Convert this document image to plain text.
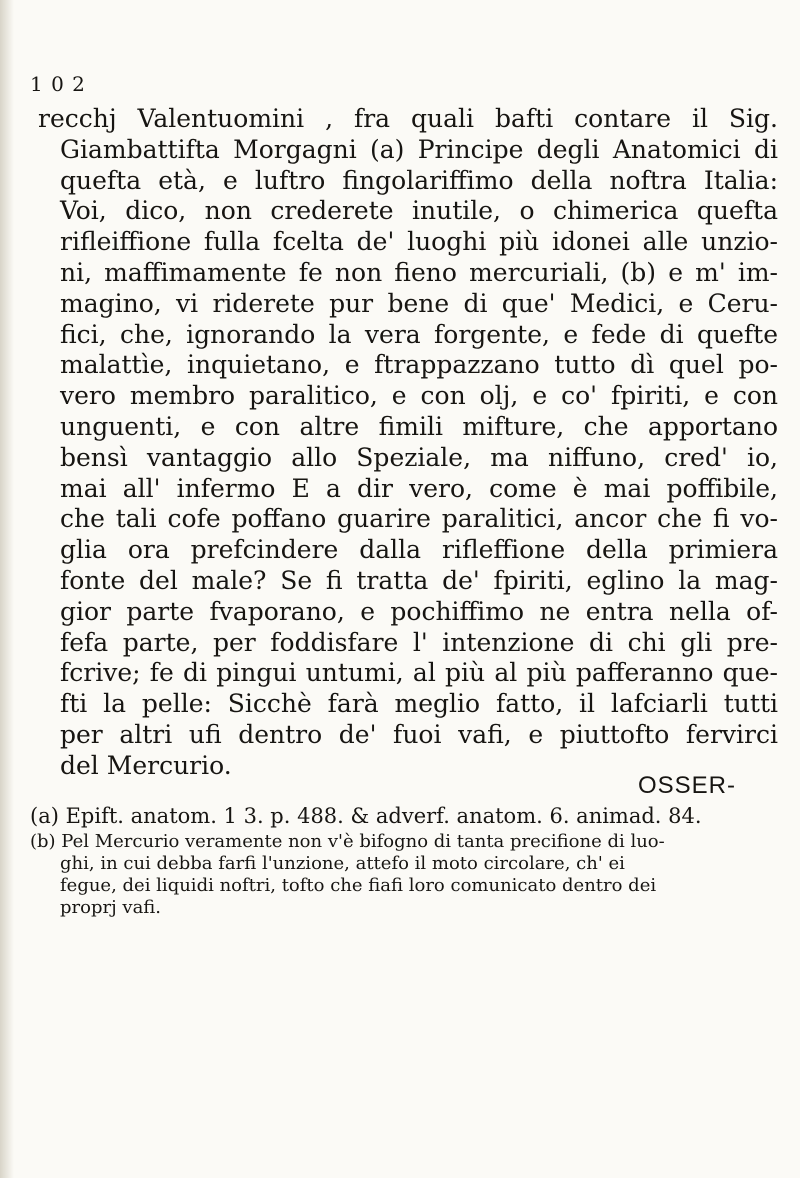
1 0 2
recchj Valentuomini , fra quali bafti contare il Sig.
Giambattifta Morgagni (a) Principe degli Anatomici di
quefta età, e luftro fingolariffimo della noftra Italia:
Voi, dico, non crederete inutile, o chimerica quefta
rifleiffione fulla fcelta de' luoghi più idonei alle unzio-
ni, maffimamente fe non fieno mercuriali, (b) e m' im-
magino, vi riderete pur bene di que' Medici, e Ceru-
fici, che, ignorando la vera forgente, e fede di quefte
malattìe, inquietano, e ftrappazzano tutto dì quel po-
vero membro paralitico, e con olj, e co' fpiriti, e con
unguenti, e con altre fimili mifture, che apportano
bensì vantaggio allo Speziale, ma niffuno, cred' io,
mai all' infermo E a dir vero, come è mai poffibile,
che tali cofe poffano guarire paralitici, ancor che fi vo-
glia ora prefcindere dalla rifleffione della primiera
fonte del male? Se fi tratta de' fpiriti, eglino la mag-
gior parte fvaporano, e pochiffimo ne entra nella of-
fefa parte, per foddisfare l' intenzione di chi gli pre-
fcrive; fe di pingui untumi, al più al più pafferanno que-
fti la pelle: Sicchè farà meglio fatto, il lafciarli tutti
per altri ufi dentro de' fuoi vafi, e piuttofto fervirci
del Mercurio.
OSSER-
(a) Epift. anatom. 1 3. p. 488. & adverf. anatom. 6. animad. 84.
(b) Pel Mercurio veramente non v'è bifogno di tanta precifione di luo-
ghi, in cui debba farfi l'unzione, attefo il moto circolare, ch' ei
fegue, dei liquidi noftri, tofto che fiafi loro comunicato dentro dei
proprj vafi.
